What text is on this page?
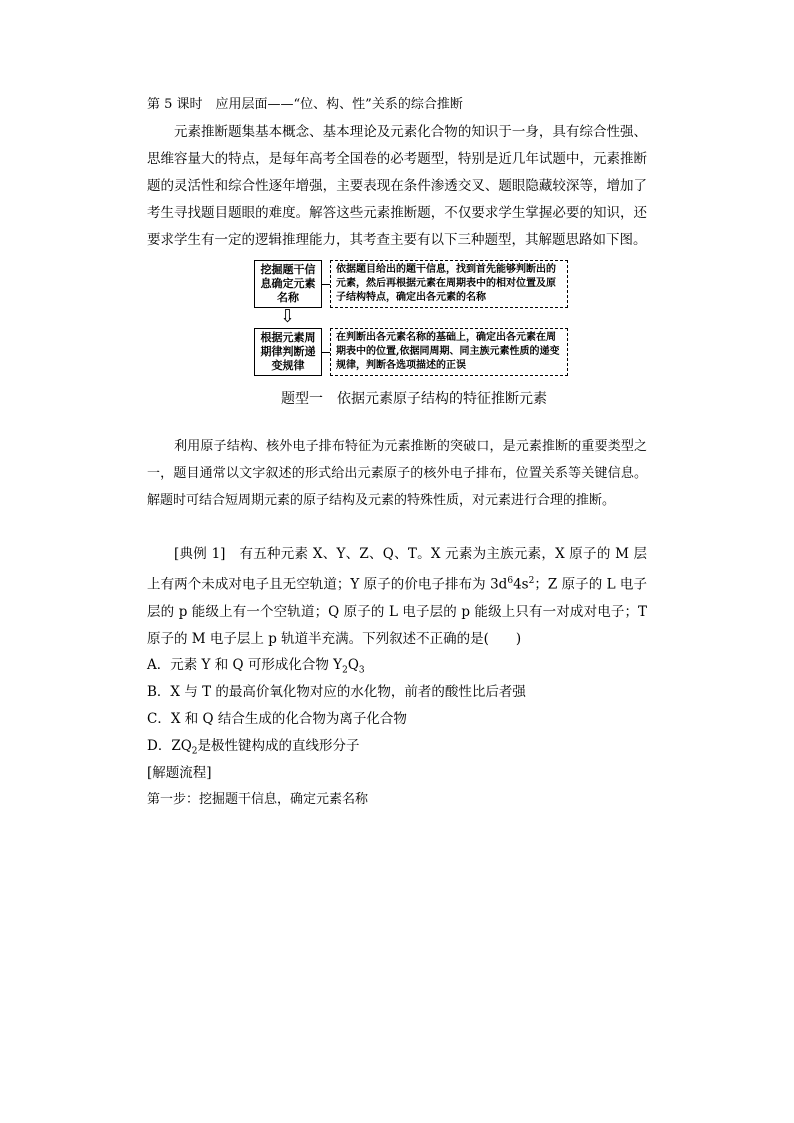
第 5 课时　应用层面——“位、构、性”关系的综合推断
元素推断题集基本概念、基本理论及元素化合物的知识于一身，具有综合性强、思维容量大的特点，是每年高考全国卷的必考题型，特别是近几年试题中，元素推断题的灵活性和综合性逐年增强，主要表现在条件渗透交叉、题眼隐藏较深等，增加了考生寻找题目题眼的难度。解答这些元素推断题，不仅要求学生掌握必要的知识，还要求学生有一定的逻辑推理能力，其考查主要有以下三种题型，其解题思路如下图。
挖掘题干信息确定元素名称
依据题目给出的题干信息，找到首先能够判断出的元素，然后再根据元素在周期表中的相对位置及原子结构特点，确定出各元素的名称
⇩
根据元素周期律判断递变规律
在判断出各元素名称的基础上，确定出各元素在周期表中的位置,依据同周期、同主族元素性质的递变规律，判断各选项描述的正误
题型一　依据元素原子结构的特征推断元素
利用原子结构、核外电子排布特征为元素推断的突破口，是元素推断的重要类型之一，题目通常以文字叙述的形式给出元素原子的核外电子排布，位置关系等关键信息。解题时可结合短周期元素的原子结构及元素的特殊性质，对元素进行合理的推断。
[典例 1]　 有五种元素 X、Y、Z、Q、T。X 元素为主族元素，X 原子的 M 层上有两个未成对电子且无空轨道；Y 原子的价电子排布为 $3d^64s^2$；Z 原子的 L 电子层的 p 能级上有一个空轨道；Q 原子的 L 电子层的 p 能级上只有一对成对电子；T 原子的 M 电子层上 p 轨道半充满。下列叙述不正确的是(　　)
A．元素 Y 和 Q 可形成化合物 $Y_2Q_3$
B．X 与 T 的最高价氧化物对应的水化物，前者的酸性比后者强
C．X 和 Q 结合生成的化合物为离子化合物
D．$ZQ_2$是极性键构成的直线形分子
[解题流程]
第一步：挖掘题干信息，确定元素名称
